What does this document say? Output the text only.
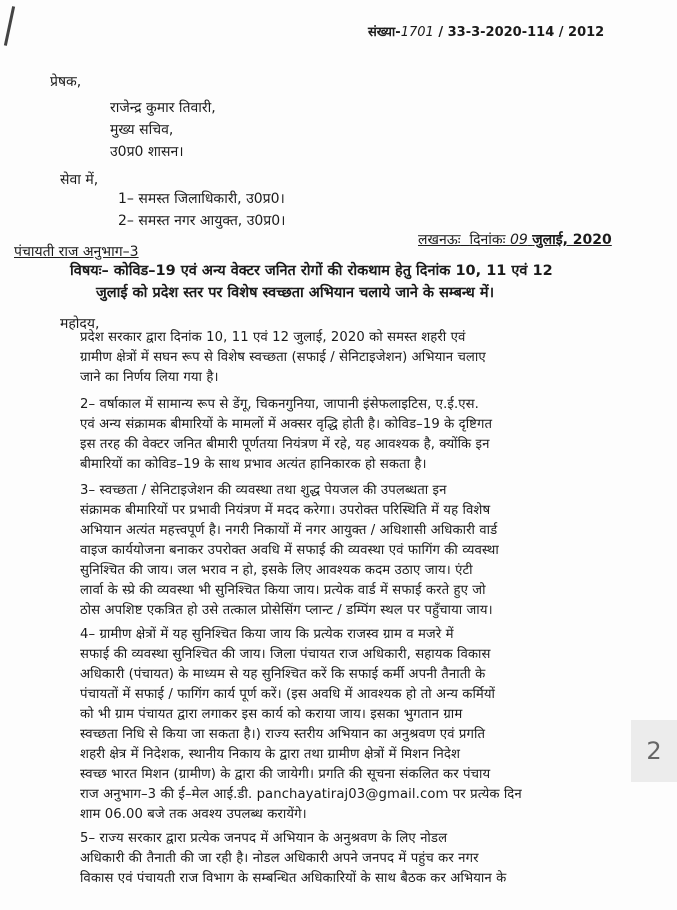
संख्या-1701 / 33-3-2020-114 / 2012
प्रेषक,
राजेन्द्र कुमार तिवारी,
मुख्य सचिव,
उ0प्र0 शासन।
सेवा में,
1– समस्त जिलाधिकारी, उ0प्र0।
2– समस्त नगर आयुक्त, उ0प्र0।
पंचायती राज अनुभाग–3
लखनऊः दिनांकः 09 जुलाई, 2020
विषयः– कोविड–19 एवं अन्य वेक्टर जनित रोगों की रोकथाम हेतु दिनांक 10, 11 एवं 12
जुलाई को प्रदेश स्तर पर विशेष स्वच्छता अभियान चलाये जाने के सम्बन्ध में।
महोदय,
प्रदेश सरकार द्वारा दिनांक 10, 11 एवं 12 जुलाई, 2020 को समस्त शहरी एवं
ग्रामीण क्षेत्रों में सघन रूप से विशेष स्वच्छता (सफाई / सेनिटाइजेशन) अभियान चलाए
जाने का निर्णय लिया गया है।
2– वर्षाकाल में सामान्य रूप से डेंगू, चिकनगुनिया, जापानी इंसेफलाइटिस, ए.ई.एस.
एवं अन्य संक्रामक बीमारियों के मामलों में अक्सर वृद्धि होती है। कोविड–19 के दृष्टिगत
इस तरह की वेक्टर जनित बीमारी पूर्णतया नियंत्रण में रहे, यह आवश्यक है, क्योंकि इन
बीमारियों का कोविड–19 के साथ प्रभाव अत्यंत हानिकारक हो सकता है।
3– स्वच्छता / सेनिटाइजेशन की व्यवस्था तथा शुद्ध पेयजल की उपलब्धता इन
संक्रामक बीमारियों पर प्रभावी नियंत्रण में मदद करेगा। उपरोक्त परिस्थिति में यह विशेष
अभियान अत्यंत महत्त्वपूर्ण है। नगरी निकायों में नगर आयुक्त / अधिशासी अधिकारी वार्ड
वाइज कार्ययोजना बनाकर उपरोक्त अवधि में सफाई की व्यवस्था एवं फागिंग की व्यवस्था
सुनिश्चित की जाय। जल भराव न हो, इसके लिए आवश्यक कदम उठाए जाय। एंटी
लार्वा के स्प्रे की व्यवस्था भी सुनिश्चित किया जाय। प्रत्येक वार्ड में सफाई करते हुए जो
ठोस अपशिष्ट एकत्रित हो उसे तत्काल प्रोसेसिंग प्लान्ट / डम्पिंग स्थल पर पहुँचाया जाय।
4– ग्रामीण क्षेत्रों में यह सुनिश्चित किया जाय कि प्रत्येक राजस्व ग्राम व मजरे में
सफाई की व्यवस्था सुनिश्चित की जाय। जिला पंचायत राज अधिकारी, सहायक विकास
अधिकारी (पंचायत) के माध्यम से यह सुनिश्चित करें कि सफाई कर्मी अपनी तैनाती के
पंचायतों में सफाई / फागिंग कार्य पूर्ण करें। (इस अवधि में आवश्यक हो तो अन्य कर्मियों
को भी ग्राम पंचायत द्वारा लगाकर इस कार्य को कराया जाय। इसका भुगतान ग्राम
स्वच्छता निधि से किया जा सकता है।) राज्य स्तरीय अभियान का अनुश्रवण एवं प्रगति
शहरी क्षेत्र में निदेशक, स्थानीय निकाय के द्वारा तथा ग्रामीण क्षेत्रों में मिशन निदेश
स्वच्छ भारत मिशन (ग्रामीण) के द्वारा की जायेगी। प्रगति की सूचना संकलित कर पंचाय
राज अनुभाग–3 की ई–मेल आई.डी. panchayatiraj03@gmail.com पर प्रत्येक दिन
शाम 06.00 बजे तक अवश्य उपलब्ध करायेंगे।
5– राज्य सरकार द्वारा प्रत्येक जनपद में अभियान के अनुश्रवण के लिए नोडल
अधिकारी की तैनाती की जा रही है। नोडल अधिकारी अपने जनपद में पहुंच कर नगर
विकास एवं पंचायती राज विभाग के सम्बन्धित अधिकारियों के साथ बैठक कर अभियान के
2
